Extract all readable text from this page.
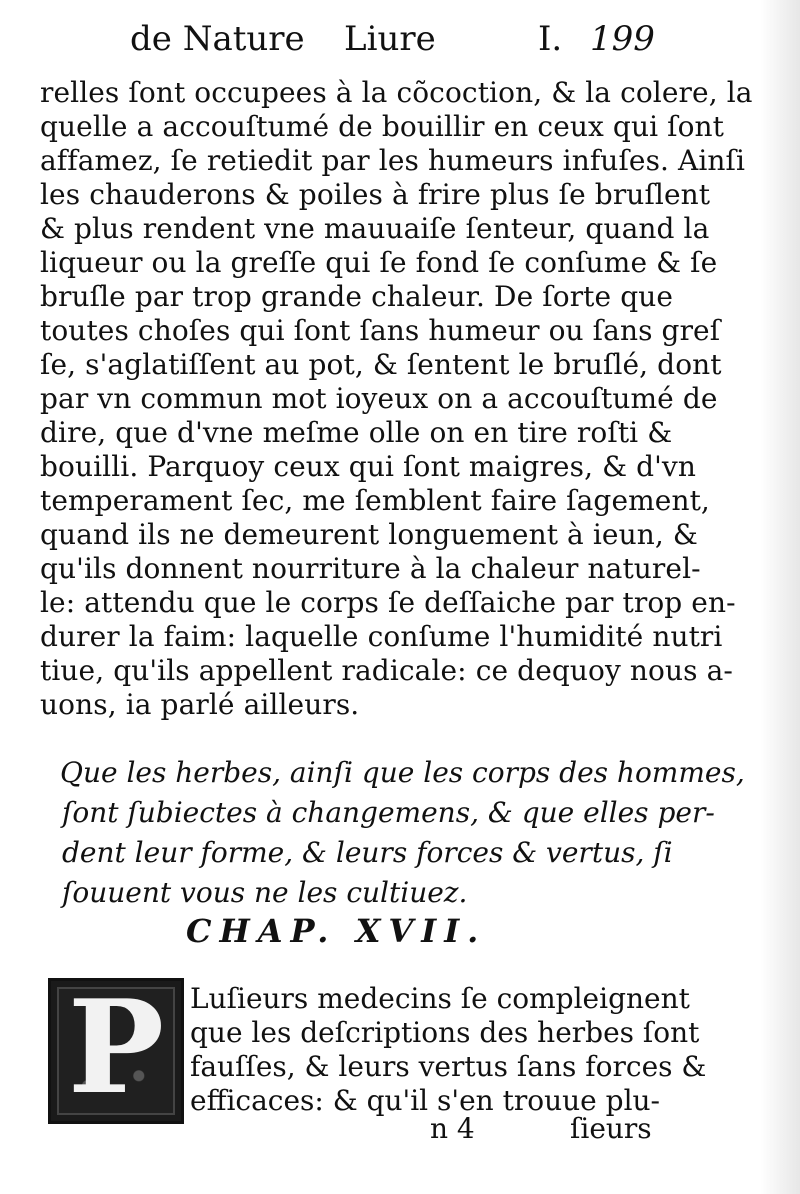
de Nature Liure	I. 199
relles ſont occupees à la cõcoction, & la colere, la
quelle a accouſtumé de bouillir en ceux qui ſont
affamez, ſe retiedit par les humeurs infuſes. Ainſi
les chauderons & poiles à frire plus ſe bruſlent
& plus rendent vne mauuaiſe ſenteur, quand la
liqueur ou la greſſe qui ſe fond ſe conſume & ſe
bruſle par trop grande chaleur. De ſorte que
toutes choſes qui ſont ſans humeur ou ſans greſ
ſe, s'aglatiſſent au pot, & ſentent le bruſlé, dont
par vn commun mot ioyeux on a accouſtumé de
dire, que d'vne meſme olle on en tire roſti &
bouilli. Parquoy ceux qui ſont maigres, & d'vn
temperament ſec, me ſemblent faire ſagement,
quand ils ne demeurent longuement à ieun, &
qu'ils donnent nourriture à la chaleur naturel-
le: attendu que le corps ſe deſſaiche par trop en-
durer la faim: laquelle conſume l'humidité nutri
tiue, qu'ils appellent radicale: ce dequoy nous a-
uons, ia parlé ailleurs.
Que les herbes, ainſi que les corps des hommes,
ſont ſubiectes à changemens, & que elles per-
dent leur forme, & leurs forces & vertus, ſi
ſouuent vous ne les cultiuez.
CHAP. XVII.
P Luſieurs medecins ſe compleignent
que les deſcriptions des herbes ſont
fauſſes, & leurs vertus ſans forces &
efficaces: & qu'il s'en trouue plu-
n 4	ſieurs
